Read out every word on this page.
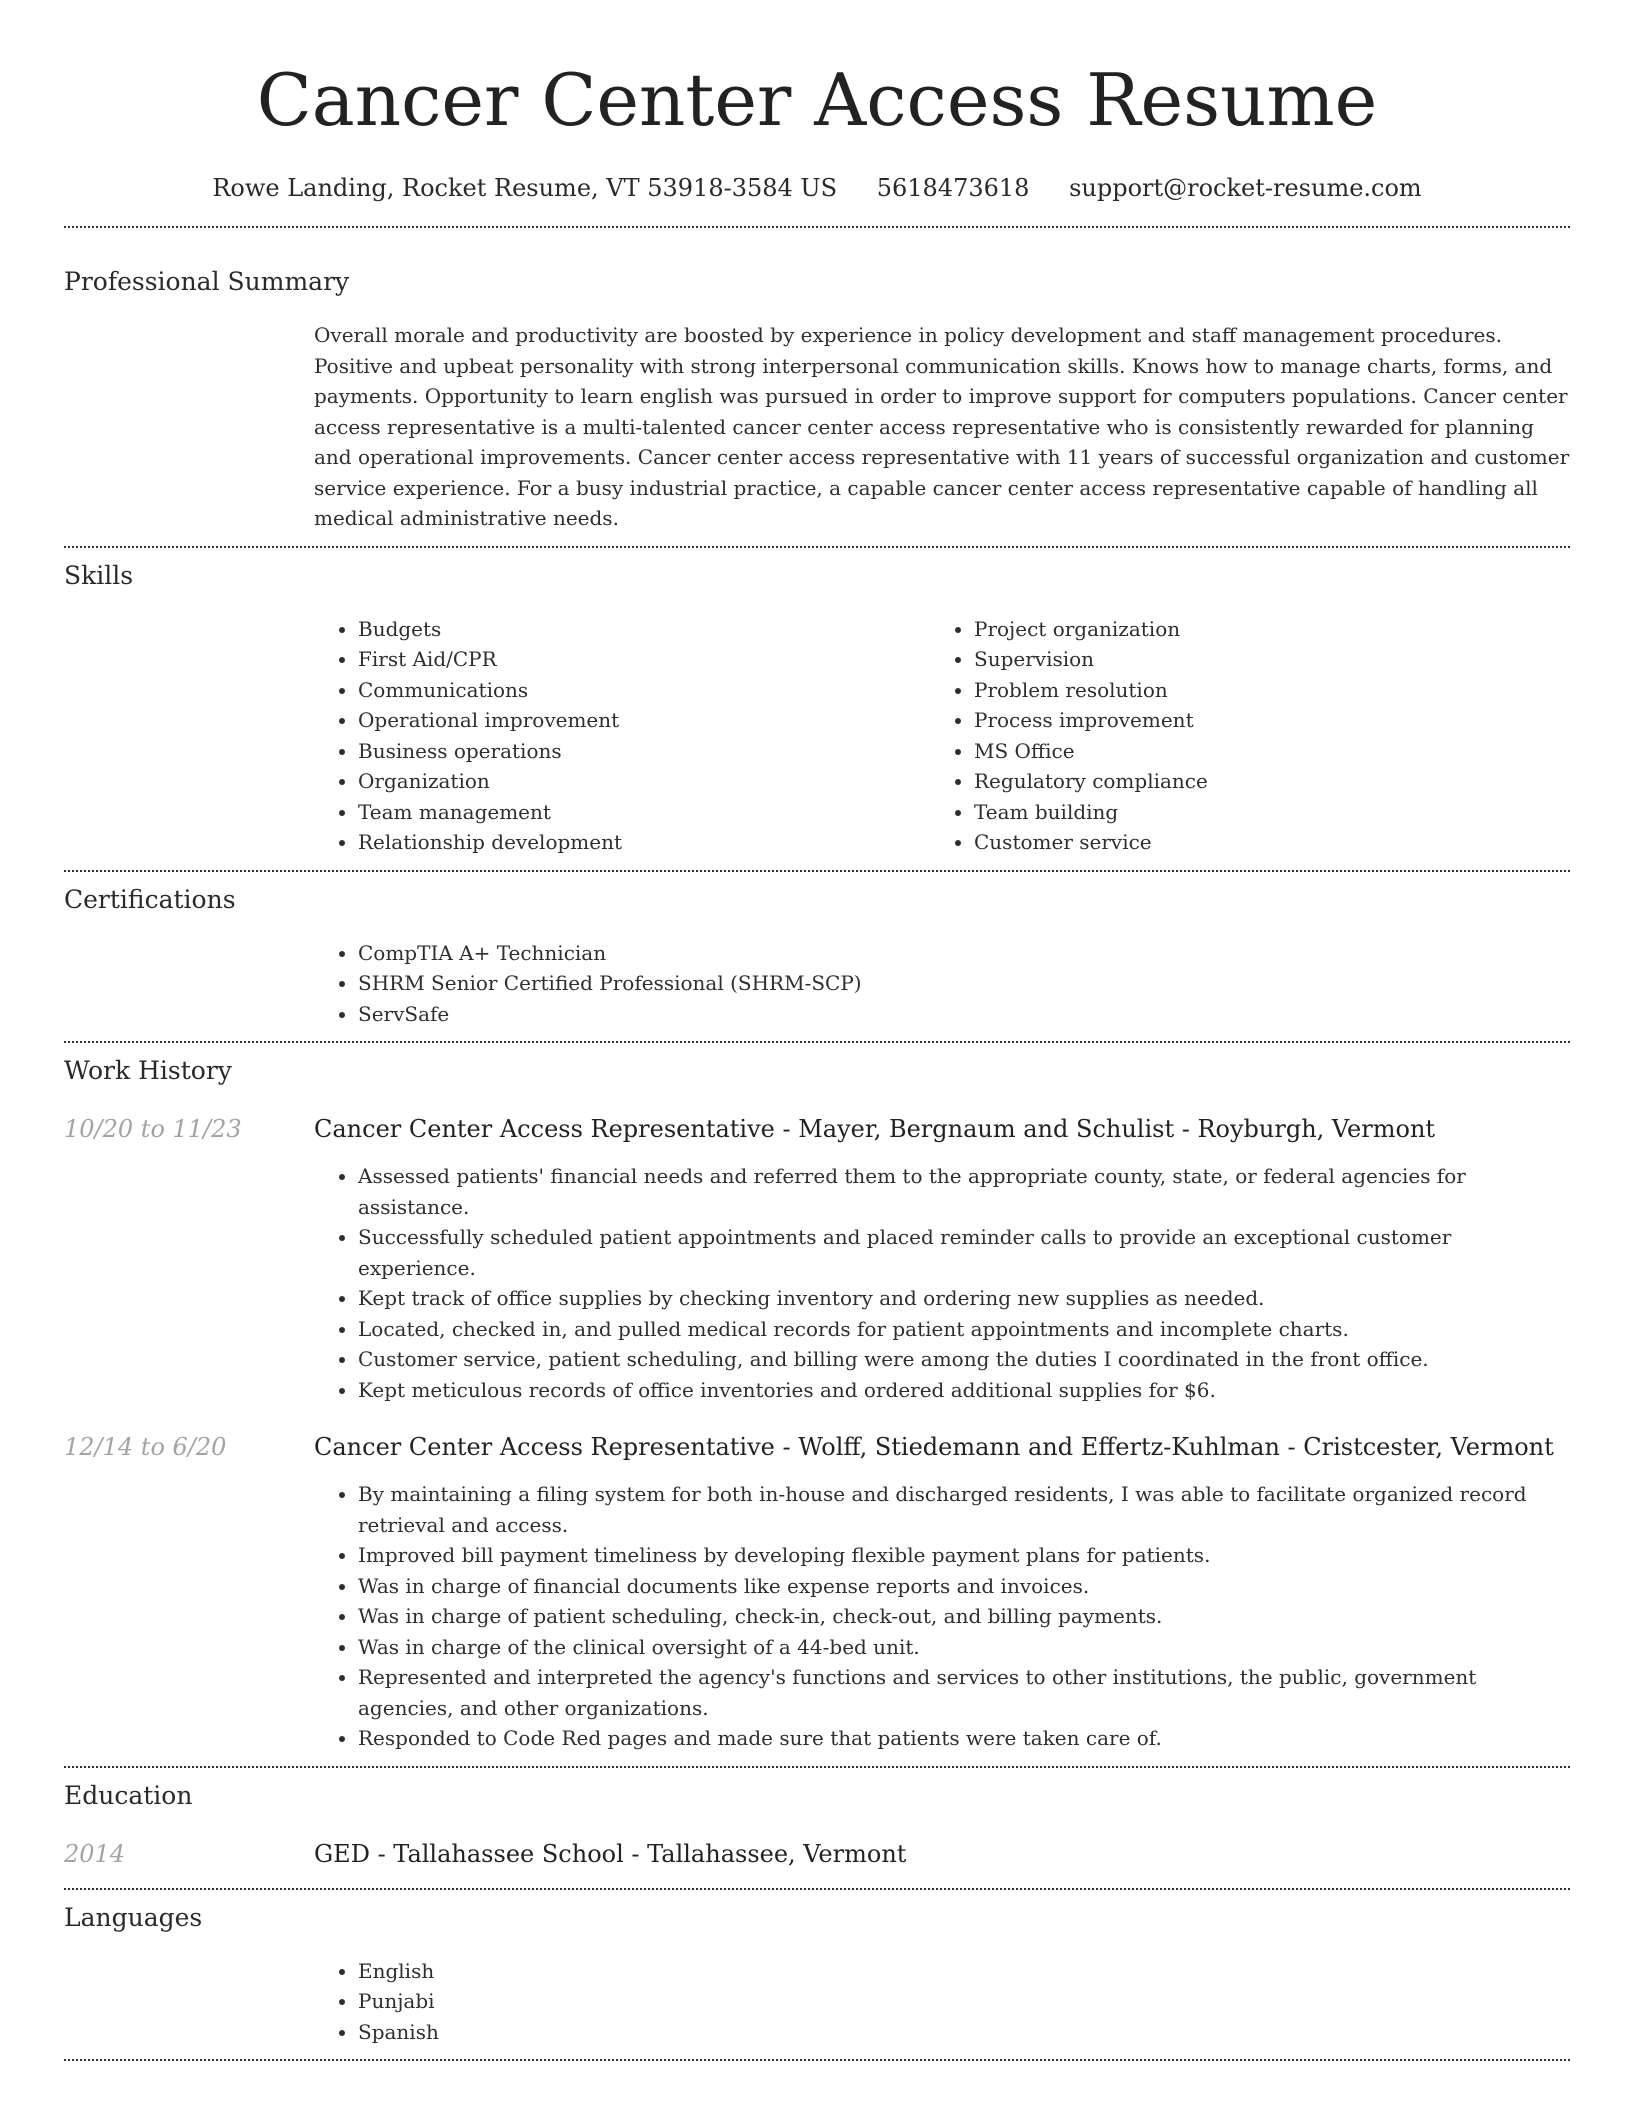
Cancer Center Access Resume
Rowe Landing, Rocket Resume, VT 53918-3584 US 5618473618 support@rocket-resume.com
Professional Summary
Overall morale and productivity are boosted by experience in policy development and staff management procedures. Positive and upbeat personality with strong interpersonal communication skills. Knows how to manage charts, forms, and payments. Opportunity to learn english was pursued in order to improve support for computers populations. Cancer center access representative is a multi-talented cancer center access representative who is consistently rewarded for planning and operational improvements. Cancer center access representative with 11 years of successful organization and customer service experience. For a busy industrial practice, a capable cancer center access representative capable of handling all medical administrative needs.
Skills
• Budgets
• First Aid/CPR
• Communications
• Operational improvement
• Business operations
• Organization
• Team management
• Relationship development
• Project organization
• Supervision
• Problem resolution
• Process improvement
• MS Office
• Regulatory compliance
• Team building
• Customer service
Certifications
• CompTIA A+ Technician
• SHRM Senior Certified Professional (SHRM-SCP)
• ServSafe
Work History
10/20 to 11/23	Cancer Center Access Representative - Mayer, Bergnaum and Schulist - Royburgh, Vermont
• Assessed patients' financial needs and referred them to the appropriate county, state, or federal agencies for assistance.
• Successfully scheduled patient appointments and placed reminder calls to provide an exceptional customer experience.
• Kept track of office supplies by checking inventory and ordering new supplies as needed.
• Located, checked in, and pulled medical records for patient appointments and incomplete charts.
• Customer service, patient scheduling, and billing were among the duties I coordinated in the front office.
• Kept meticulous records of office inventories and ordered additional supplies for $6.
12/14 to 6/20	Cancer Center Access Representative - Wolff, Stiedemann and Effertz-Kuhlman - Cristcester, Vermont
• By maintaining a filing system for both in-house and discharged residents, I was able to facilitate organized record retrieval and access.
• Improved bill payment timeliness by developing flexible payment plans for patients.
• Was in charge of financial documents like expense reports and invoices.
• Was in charge of patient scheduling, check-in, check-out, and billing payments.
• Was in charge of the clinical oversight of a 44-bed unit.
• Represented and interpreted the agency's functions and services to other institutions, the public, government agencies, and other organizations.
• Responded to Code Red pages and made sure that patients were taken care of.
Education
2014	GED - Tallahassee School - Tallahassee, Vermont
Languages
• English
• Punjabi
• Spanish
